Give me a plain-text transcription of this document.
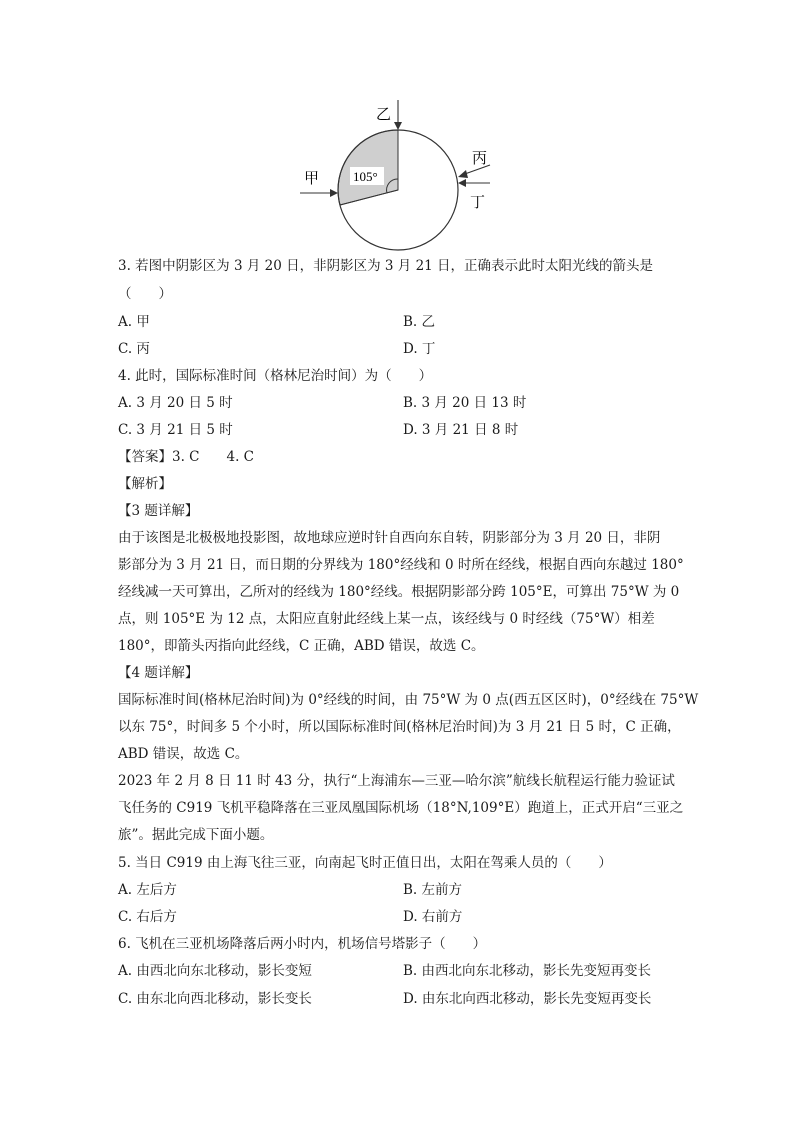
105°
乙
甲
丙
丁
3. 若图中阴影区为 3 月 20 日，非阴影区为 3 月 21 日，正确表示此时太阳光线的箭头是
（　　）
A. 甲	B. 乙
C. 丙	D. 丁
4. 此时，国际标准时间（格林尼治时间）为（　　）
A. 3 月 20 日 5 时	B. 3 月 20 日 13 时
C. 3 月 21 日 5 时	D. 3 月 21 日 8 时
【答案】3. C　　4. C
【解析】
【3 题详解】
由于该图是北极极地投影图，故地球应逆时针自西向东自转，阴影部分为 3 月 20 日，非阴
影部分为 3 月 21 日，而日期的分界线为 180°经线和 0 时所在经线，根据自西向东越过 180°
经线减一天可算出，乙所对的经线为 180°经线。根据阴影部分跨 105°E，可算出 75°W 为 0
点，则 105°E 为 12 点，太阳应直射此经线上某一点，该经线与 0 时经线（75°W）相差
180°，即箭头丙指向此经线，C 正确，ABD 错误，故选 C。
【4 题详解】
国际标准时间(格林尼治时间)为 0°经线的时间，由 75°W 为 0 点(西五区区时)，0°经线在 75°W
以东 75°，时间多 5 个小时，所以国际标准时间(格林尼治时间)为 3 月 21 日 5 时，C 正确，
ABD 错误，故选 C。
2023 年 2 月 8 日 11 时 43 分，执行“上海浦东—三亚—哈尔滨”航线长航程运行能力验证试
飞任务的 C919 飞机平稳降落在三亚凤凰国际机场（18°N,109°E）跑道上，正式开启“三亚之
旅”。据此完成下面小题。
5. 当日 C919 由上海飞往三亚，向南起飞时正值日出，太阳在驾乘人员的（　　）
A. 左后方	B. 左前方
C. 右后方	D. 右前方
6. 飞机在三亚机场降落后两小时内，机场信号塔影子（　　）
A. 由西北向东北移动，影长变短	B. 由西北向东北移动，影长先变短再变长
C. 由东北向西北移动，影长变长	D. 由东北向西北移动，影长先变短再变长
